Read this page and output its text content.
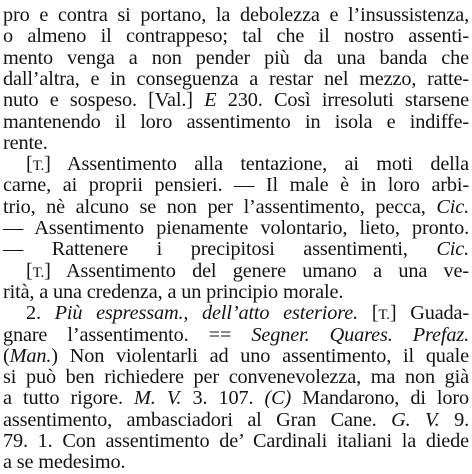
pro e contra si portano, la debolezza e l’insussistenza,
o almeno il contrappeso; tal che il nostro assenti-
mento venga a non pender più da una banda che
dall’altra, e in conseguenza a restar nel mezzo, ratte-
nuto e sospeso. [Val.] E 230. Così irresoluti starsene
mantenendo il loro assentimento in isola e indiffe-
rente.
[T.] Assentimento alla tentazione, ai moti della
carne, ai proprii pensieri. — Il male è in loro arbi-
trio, nè alcuno se non per l’assentimento, pecca, Cic.
— Assentimento pienamente volontario, lieto, pronto.
— Rattenere i precipitosi assentimenti, Cic.
[T.] Assentimento del genere umano a una ve-
rità, a una credenza, a un principio morale.
2. Più espressam., dell’atto esteriore. [T.] Guada-
gnare l’assentimento. == Segner. Quares. Prefaz.
(Man.) Non violentarli ad uno assentimento, il quale
si può ben richiedere per convenevolezza, ma non già
a tutto rigore. M. V. 3. 107. (C) Mandarono, di loro
assentimento, ambasciadori al Gran Cane. G. V. 9.
79. 1. Con assentimento de’ Cardinali italiani la diede
a se medesimo.
